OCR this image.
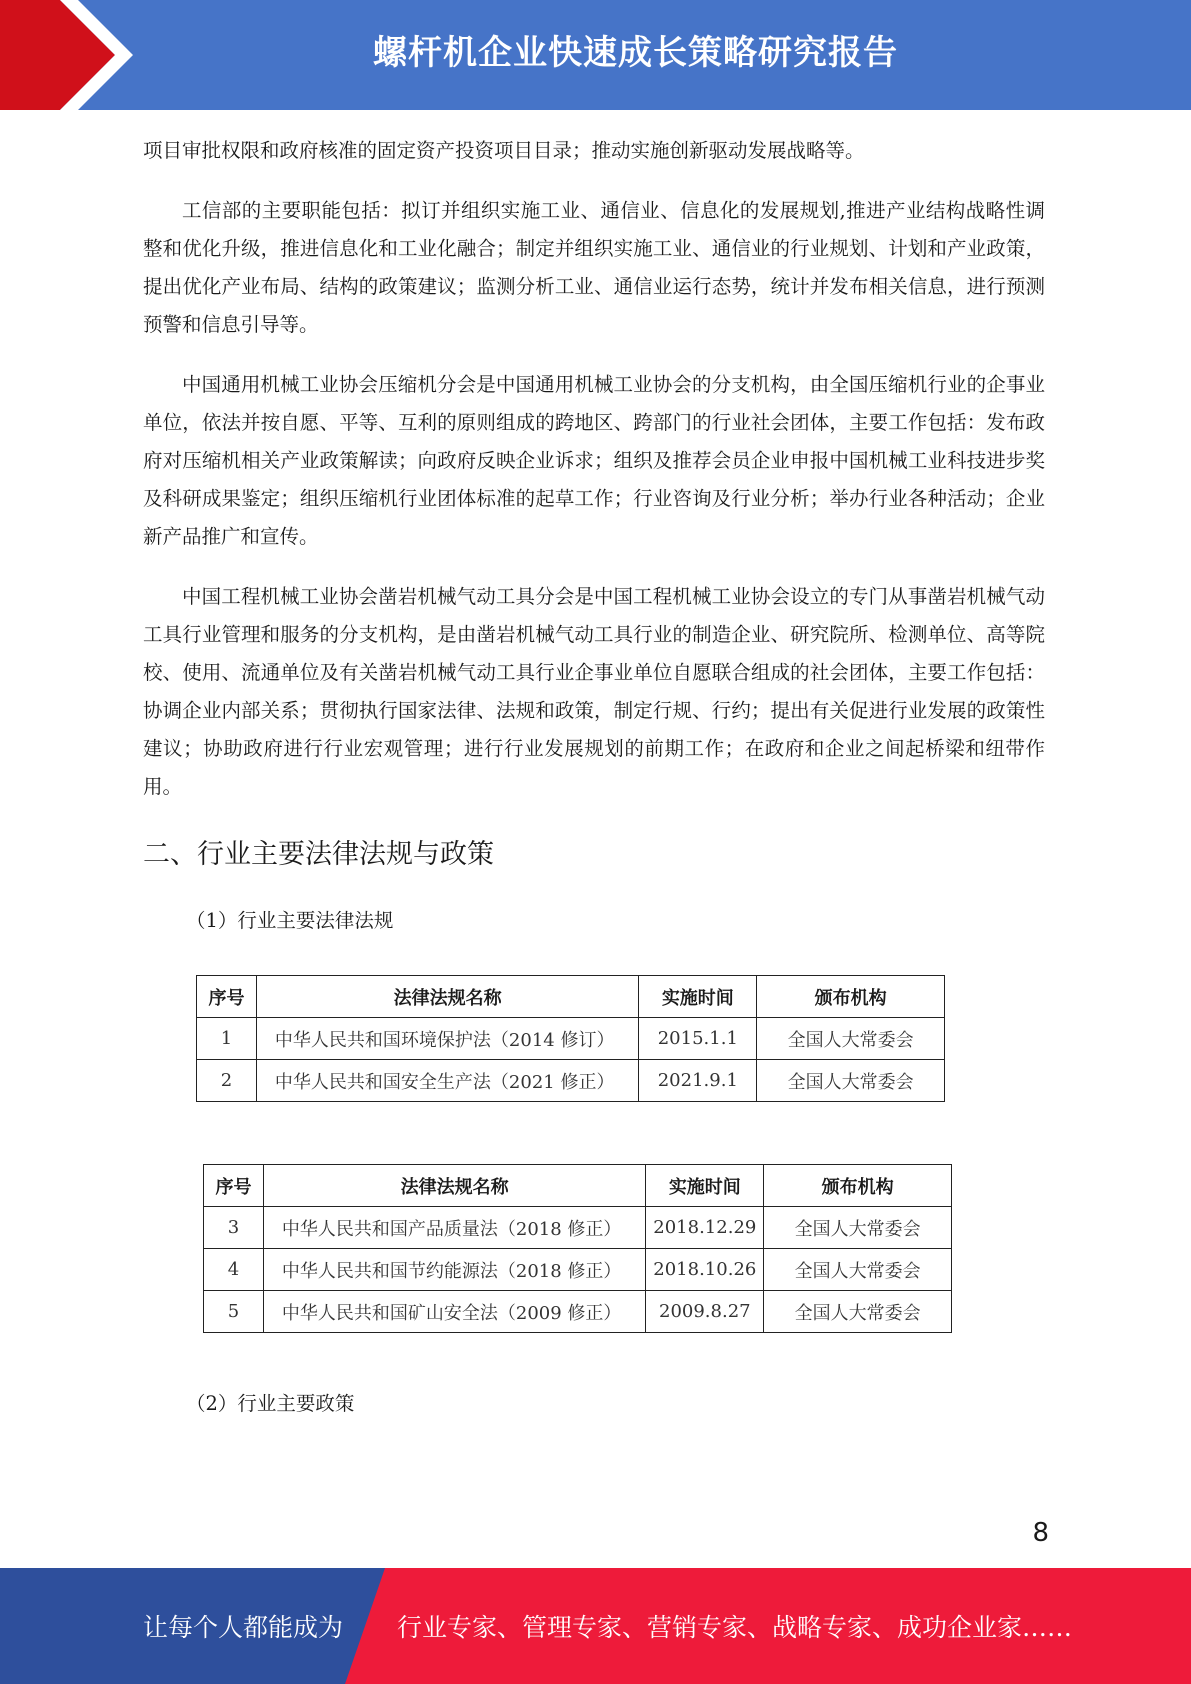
螺杆机企业快速成长策略研究报告

项目审批权限和政府核准的固定资产投资项目目录；推动实施创新驱动发展战略等。

工信部的主要职能包括：拟订并组织实施工业、通信业、信息化的发展规划,推进产业结构战略性调整和优化升级，推进信息化和工业化融合；制定并组织实施工业、通信业的行业规划、计划和产业政策，提出优化产业布局、结构的政策建议；监测分析工业、通信业运行态势，统计并发布相关信息，进行预测预警和信息引导等。

中国通用机械工业协会压缩机分会是中国通用机械工业协会的分支机构，由全国压缩机行业的企事业单位，依法并按自愿、平等、互利的原则组成的跨地区、跨部门的行业社会团体，主要工作包括：发布政府对压缩机相关产业政策解读；向政府反映企业诉求；组织及推荐会员企业申报中国机械工业科技进步奖及科研成果鉴定；组织压缩机行业团体标准的起草工作；行业咨询及行业分析；举办行业各种活动；企业新产品推广和宣传。

中国工程机械工业协会凿岩机械气动工具分会是中国工程机械工业协会设立的专门从事凿岩机械气动工具行业管理和服务的分支机构，是由凿岩机械气动工具行业的制造企业、研究院所、检测单位、高等院校、使用、流通单位及有关凿岩机械气动工具行业企事业单位自愿联合组成的社会团体，主要工作包括：协调企业内部关系；贯彻执行国家法律、法规和政策，制定行规、行约；提出有关促进行业发展的政策性建议；协助政府进行行业宏观管理；进行行业发展规划的前期工作；在政府和企业之间起桥梁和纽带作用。

二、行业主要法律法规与政策
（1）行业主要法律法规
序号	法律法规名称	实施时间	颁布机构
1	中华人民共和国环境保护法（2014 修订）	2015.1.1	全国人大常委会
2	中华人民共和国安全生产法（2021 修正）	2021.9.1	全国人大常委会
序号	法律法规名称	实施时间	颁布机构
3	中华人民共和国产品质量法（2018 修正）	2018.12.29	全国人大常委会
4	中华人民共和国节约能源法（2018 修正）	2018.10.26	全国人大常委会
5	中华人民共和国矿山安全法（2009 修正）	2009.8.27	全国人大常委会
（2）行业主要政策
8
让每个人都能成为 行业专家、管理专家、营销专家、战略专家、成功企业家……
